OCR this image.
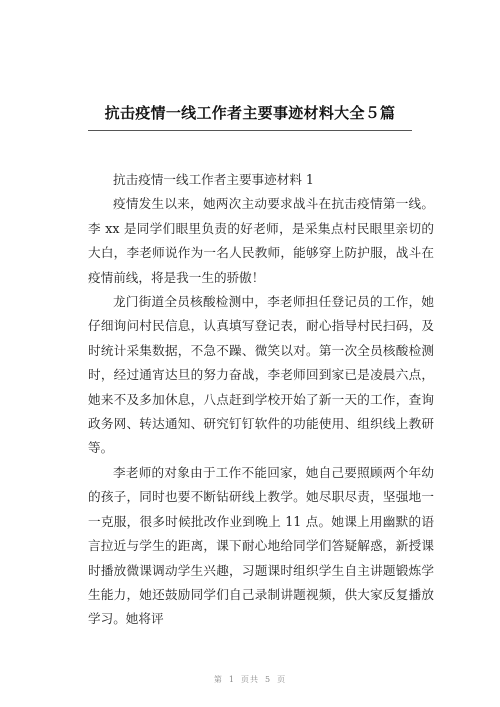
抗击疫情一线工作者主要事迹材料大全５篇

抗击疫情一线工作者主要事迹材料 1

疫情发生以来，她两次主动要求战斗在抗击疫情第一线。李 xx 是同学们眼里负责的好老师，是采集点村民眼里亲切的大白，李老师说作为一名人民教师，能够穿上防护服，战斗在疫情前线，将是我一生的骄傲！

龙门街道全员核酸检测中，李老师担任登记员的工作，她仔细询问村民信息，认真填写登记表，耐心指导村民扫码，及时统计采集数据，不急不躁、微笑以对。第一次全员核酸检测时，经过通宵达旦的努力奋战，李老师回到家已是凌晨六点，她来不及多加休息，八点赶到学校开始了新一天的工作，查询政务网、转达通知、研究钉钉软件的功能使用、组织线上教研等。

李老师的对象由于工作不能回家，她自己要照顾两个年幼的孩子，同时也要不断钻研线上教学。她尽职尽责，坚强地一一克服，很多时候批改作业到晚上 11 点。她课上用幽默的语言拉近与学生的距离，课下耐心地给同学们答疑解惑，新授课时播放微课调动学生兴趣，习题课时组织学生自主讲题锻炼学生能力，她还鼓励同学们自己录制讲题视频，供大家反复播放学习。她将评

第 1 页共 5 页
